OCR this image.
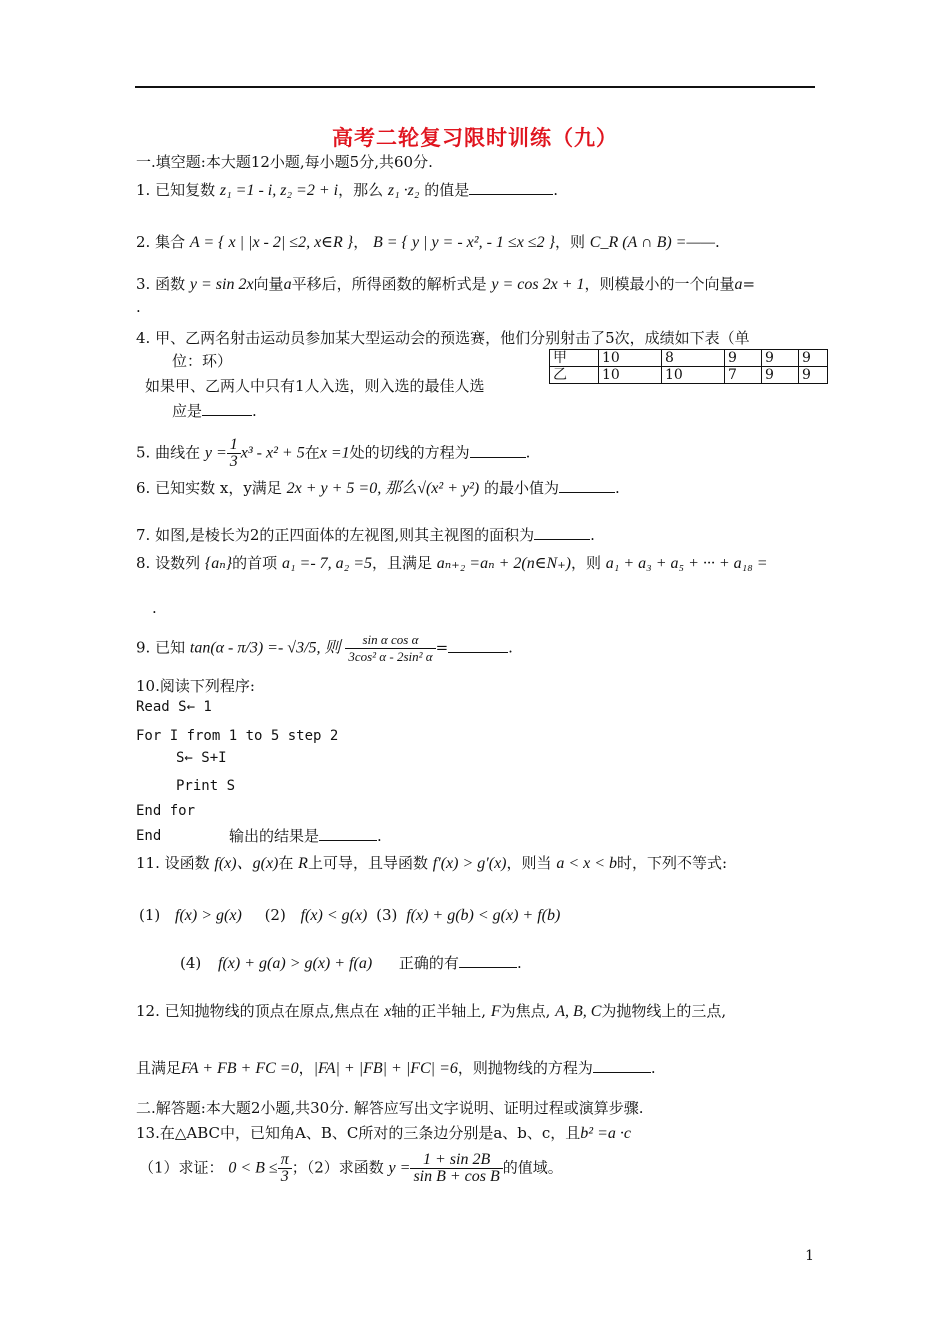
高考二轮复习限时训练（九）
一.填空题:本大题12小题,每小题5分,共60分.
1. 已知复数 z₁ =1 - i, z₂ =2 + i，那么 z₁ ·z₂ 的值是	.
2. 集合 A = { x | |x - 2| ≤2, x∈R }， B = { y | y = - x², - 1 ≤x ≤2 }，则 C_R (A ∩ B) =——.
3. 函数 y = sin 2x向量a平移后，所得函数的解析式是 y = cos 2x + 1，则模最小的一个向量a=
.
4. 甲、乙两名射击运动员参加某大型运动会的预选赛，他们分别射击了5次，成绩如下表（单
位：环）	甲	10	8	9	9	9
乙	10	10	7	9	9
如果甲、乙两人中只有1人入选，则入选的最佳人选
应是	.
5. 曲线在 $y = \frac{1}{3} x^3 - x^2 + 5$在x =1处的切线的方程为	.
6. 已知实数 x，y满足 2x + y + 5 =0, 那么√(x² + y²) 的最小值为	.
7. 如图,是棱长为2的正四面体的左视图,则其主视图的面积为	.
8. 设数列 {aₙ}的首项 a₁ =- 7, a₂ =5，且满足 aₙ₊₂ =aₙ + 2(n∈N₊)，则 a₁ + a₃ + a₅ + ··· + a₁₈ =
.
9. 已知 tan(α - π/3) =- √3/5, 则 $\frac{\text{sin α cos α}}{\text{3cos² α - 2sin² α}}$ =	.
10.阅读下列程序:
Read S← 1
For I from 1 to 5 step 2
S← S+I
Print S
End for
End	输出的结果是	.
11. 设函数 f(x)、g(x)在 R上可导，且导函数 f′(x) > g′(x)，则当 a < x < b时，下列不等式:
(1) f(x) > g(x) (2) f(x) < g(x) (3) f(x) + g(b) < g(x) + f(b)
(4) f(x) + g(a) > g(x) + f(a) 正确的有	.
12. 已知抛物线的顶点在原点,焦点在 x轴的正半轴上, F为焦点, A, B, C为抛物线上的三点,
且满足FA + FB + FC =0，|FA| + |FB| + |FC| =6，则抛物线的方程为	.
二.解答题:本大题2小题,共30分. 解答应写出文字说明、证明过程或演算步骤.
13.在△ABC中，已知角A、B、C所对的三条边分别是a、b、c，且b² =a ·c
（1）求证： $0 < B \le \frac{\pi}{3}$ ；（2）求函数 $y = \frac{1 + \sin 2B}{\text{sin B + cos B}}$ 的值域。
1
